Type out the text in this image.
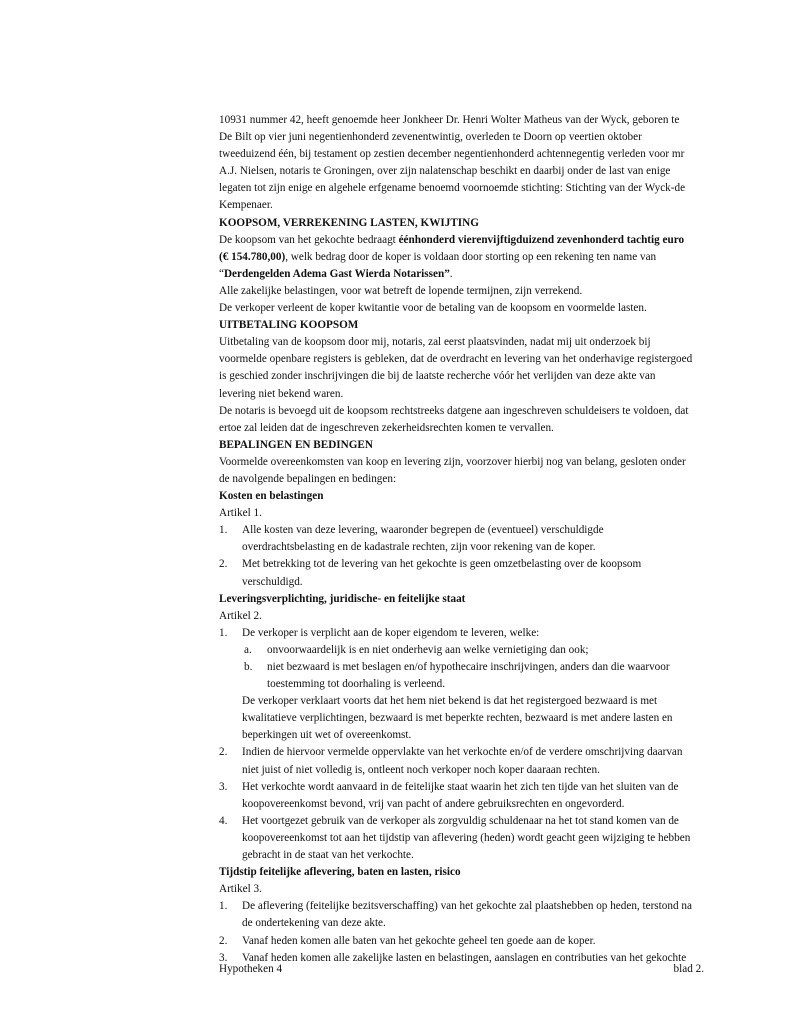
10931 nummer 42, heeft genoemde heer Jonkheer Dr. Henri Wolter Matheus van der Wyck, geboren te
De Bilt op vier juni negentienhonderd zevenentwintig, overleden te Doorn op veertien oktober
tweeduizend één, bij testament op zestien december negentienhonderd achtennegentig verleden voor mr
A.J. Nielsen, notaris te Groningen, over zijn nalatenschap beschikt en daarbij onder de last van enige
legaten tot zijn enige en algehele erfgename benoemd voornoemde stichting: Stichting van der Wyck-de
Kempenaer.
KOOPSOM, VERREKENING LASTEN, KWIJTING
De koopsom van het gekochte bedraagt éénhonderd vierenvijftigduizend zevenhonderd tachtig euro
(€ 154.780,00), welk bedrag door de koper is voldaan door storting op een rekening ten name van
“Derdengelden Adema Gast Wierda Notarissen”.
Alle zakelijke belastingen, voor wat betreft de lopende termijnen, zijn verrekend.
De verkoper verleent de koper kwitantie voor de betaling van de koopsom en voormelde lasten.
UITBETALING KOOPSOM
Uitbetaling van de koopsom door mij, notaris, zal eerst plaatsvinden, nadat mij uit onderzoek bij
voormelde openbare registers is gebleken, dat de overdracht en levering van het onderhavige registergoed
is geschied zonder inschrijvingen die bij de laatste recherche vóór het verlijden van deze akte van
levering niet bekend waren.
De notaris is bevoegd uit de koopsom rechtstreeks datgene aan ingeschreven schuldeisers te voldoen, dat
ertoe zal leiden dat de ingeschreven zekerheidsrechten komen te vervallen.
BEPALINGEN EN BEDINGEN
Voormelde overeenkomsten van koop en levering zijn, voorzover hierbij nog van belang, gesloten onder
de navolgende bepalingen en bedingen:
Kosten en belastingen
Artikel 1.
1. Alle kosten van deze levering, waaronder begrepen de (eventueel) verschuldigde
overdrachtsbelasting en de kadastrale rechten, zijn voor rekening van de koper.
2. Met betrekking tot de levering van het gekochte is geen omzetbelasting over de koopsom
verschuldigd.
Leveringsverplichting, juridische- en feitelijke staat
Artikel 2.
1. De verkoper is verplicht aan de koper eigendom te leveren, welke:
a. onvoorwaardelijk is en niet onderhevig aan welke vernietiging dan ook;
b. niet bezwaard is met beslagen en/of hypothecaire inschrijvingen, anders dan die waarvoor
toestemming tot doorhaling is verleend.
De verkoper verklaart voorts dat het hem niet bekend is dat het registergoed bezwaard is met
kwalitatieve verplichtingen, bezwaard is met beperkte rechten, bezwaard is met andere lasten en
beperkingen uit wet of overeenkomst.
2. Indien de hiervoor vermelde oppervlakte van het verkochte en/of de verdere omschrijving daarvan
niet juist of niet volledig is, ontleent noch verkoper noch koper daaraan rechten.
3. Het verkochte wordt aanvaard in de feitelijke staat waarin het zich ten tijde van het sluiten van de
koopovereenkomst bevond, vrij van pacht of andere gebruiksrechten en ongevorderd.
4. Het voortgezet gebruik van de verkoper als zorgvuldig schuldenaar na het tot stand komen van de
koopovereenkomst tot aan het tijdstip van aflevering (heden) wordt geacht geen wijziging te hebben
gebracht in de staat van het verkochte.
Tijdstip feitelijke aflevering, baten en lasten, risico
Artikel 3.
1. De aflevering (feitelijke bezitsverschaffing) van het gekochte zal plaatshebben op heden, terstond na
de ondertekening van deze akte.
2. Vanaf heden komen alle baten van het gekochte geheel ten goede aan de koper.
3. Vanaf heden komen alle zakelijke lasten en belastingen, aanslagen en contributies van het gekochte
Hypotheken 4	blad 2.
